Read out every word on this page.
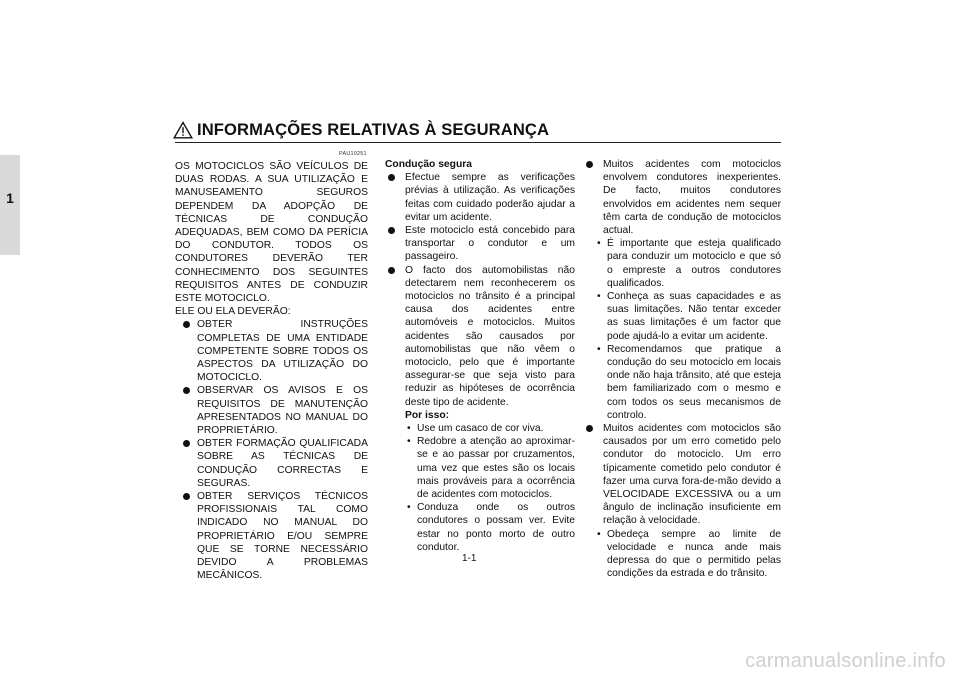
1
INFORMAÇÕES RELATIVAS À SEGURANÇA
PAU10251

OS MOTOCICLOS SÃO VEÍCULOS DE DUAS RODAS. A SUA UTILIZAÇÃO E MANUSEAMENTO SEGUROS DEPENDEM DA ADOPÇÃO DE TÉCNICAS DE CONDUÇÃO ADEQUADAS, BEM COMO DA PERÍCIA DO CONDUTOR. TODOS OS CONDUTORES DEVERÃO TER CONHECIMENTO DOS SEGUINTES REQUISITOS ANTES DE CONDUZIR ESTE MOTOCICLO.

ELE OU ELA DEVERÃO:
OBTER INSTRUÇÕES COMPLETAS DE UMA ENTIDADE COMPETENTE SOBRE TODOS OS ASPECTOS DA UTILIZAÇÃO DO MOTOCICLO.
OBSERVAR OS AVISOS E OS REQUISITOS DE MANUTENÇÃO APRESENTADOS NO MANUAL DO PROPRIETÁRIO.
OBTER FORMAÇÃO QUALIFICADA SOBRE AS TÉCNICAS DE CONDUÇÃO CORRECTAS E SEGURAS.
OBTER SERVIÇOS TÉCNICOS PROFISSIONAIS TAL COMO INDICADO NO MANUAL DO PROPRIETÁRIO E/OU SEMPRE QUE SE TORNE NECESSÁRIO DEVIDO A PROBLEMAS MECÂNICOS.
Condução segura
Efectue sempre as verificações prévias à utilização. As verificações feitas com cuidado poderão ajudar a evitar um acidente.
Este motociclo está concebido para transportar o condutor e um passageiro.
O facto dos automobilistas não detectarem nem reconhecerem os motociclos no trânsito é a principal causa dos acidentes entre automóveis e motociclos. Muitos acidentes são causados por automobilistas que não vêem o motociclo, pelo que é importante assegurar-se que seja visto para reduzir as hipóteses de ocorrência deste tipo de acidente.
Por isso:
• Use um casaco de cor viva.
• Redobre a atenção ao aproximar-se e ao passar por cruzamentos, uma vez que estes são os locais mais prováveis para a ocorrência de acidentes com motociclos.
• Conduza onde os outros condutores o possam ver. Evite estar no ponto morto de outro condutor.
Muitos acidentes com motociclos envolvem condutores inexperientes. De facto, muitos condutores envolvidos em acidentes nem sequer têm carta de condução de motociclos actual.
• É importante que esteja qualificado para conduzir um motociclo e que só o empreste a outros condutores qualificados.
• Conheça as suas capacidades e as suas limitações. Não tentar exceder as suas limitações é um factor que pode ajudá-lo a evitar um acidente.
• Recomendamos que pratique a condução do seu motociclo em locais onde não haja trânsito, até que esteja bem familiarizado com o mesmo e com todos os seus mecanismos de controlo.
Muitos acidentes com motociclos são causados por um erro cometido pelo condutor do motociclo. Um erro típicamente cometido pelo condutor é fazer uma curva fora-de-mão devido a VELOCIDADE EXCESSIVA ou a um ângulo de inclinação insuficiente em relação à velocidade.
• Obedeça sempre ao limite de velocidade e nunca ande mais depressa do que o permitido pelas condições da estrada e do trânsito.
1-1
carmanualsonline.info
